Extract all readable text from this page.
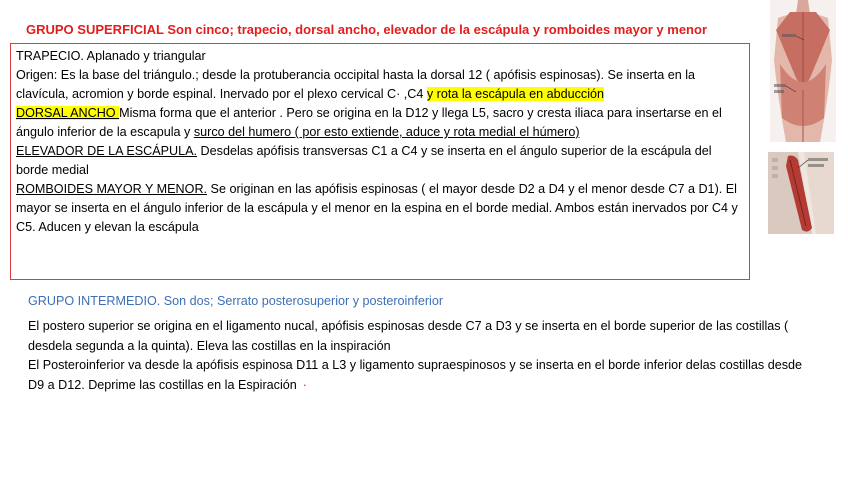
GRUPO SUPERFICIAL Son cinco; trapecio, dorsal ancho, elevador de la escápula y romboides mayor y menor

TRAPECIO. Aplanado y triangular

Origen: Es la base del triángulo.; desde la protuberancia occipital hasta la dorsal 12 ( apófisis espinosas). Se inserta en la clavícula, acromion y borde espinal. Inervado por el plexo cervical C· ,C4 y rota la escápula en abducción

DORSAL ANCHO Misma forma que el anterior . Pero se origina en la D12 y llega L5, sacro y cresta iliaca para insertarse en el ángulo inferior de la escapula y surco del humero ( por esto extiende, aduce y rota medial el húmero)

ELEVADOR DE LA ESCÁPULA. Desdelas apófisis transversas C1 a C4 y se inserta en el ángulo superior de la escápula del borde medial

ROMBOIDES MAYOR Y MENOR. Se originan en las apófisis espinosas ( el mayor desde D2 a D4 y el menor desde C7 a D1). El mayor se inserta en el ángulo inferior de la escápula y el menor en la espina en el borde medial. Ambos están inervados por C4 y C5. Aducen y elevan la escápula

GRUPO INTERMEDIO. Son dos; Serrato posterosuperior y posteroinferior

El postero superior se origina en el ligamento nucal, apófisis espinosas desde C7 a D3 y se inserta en el borde superior de las costillas ( desdela segunda a la quinta). Eleva las costillas en la inspiración

El Posteroinferior va desde la apófisis espinosa D11 a L3 y ligamento supraespinosos y se inserta en el borde inferior delas costillas desde D9 a D12. Deprime las costillas en la Espiración ·
